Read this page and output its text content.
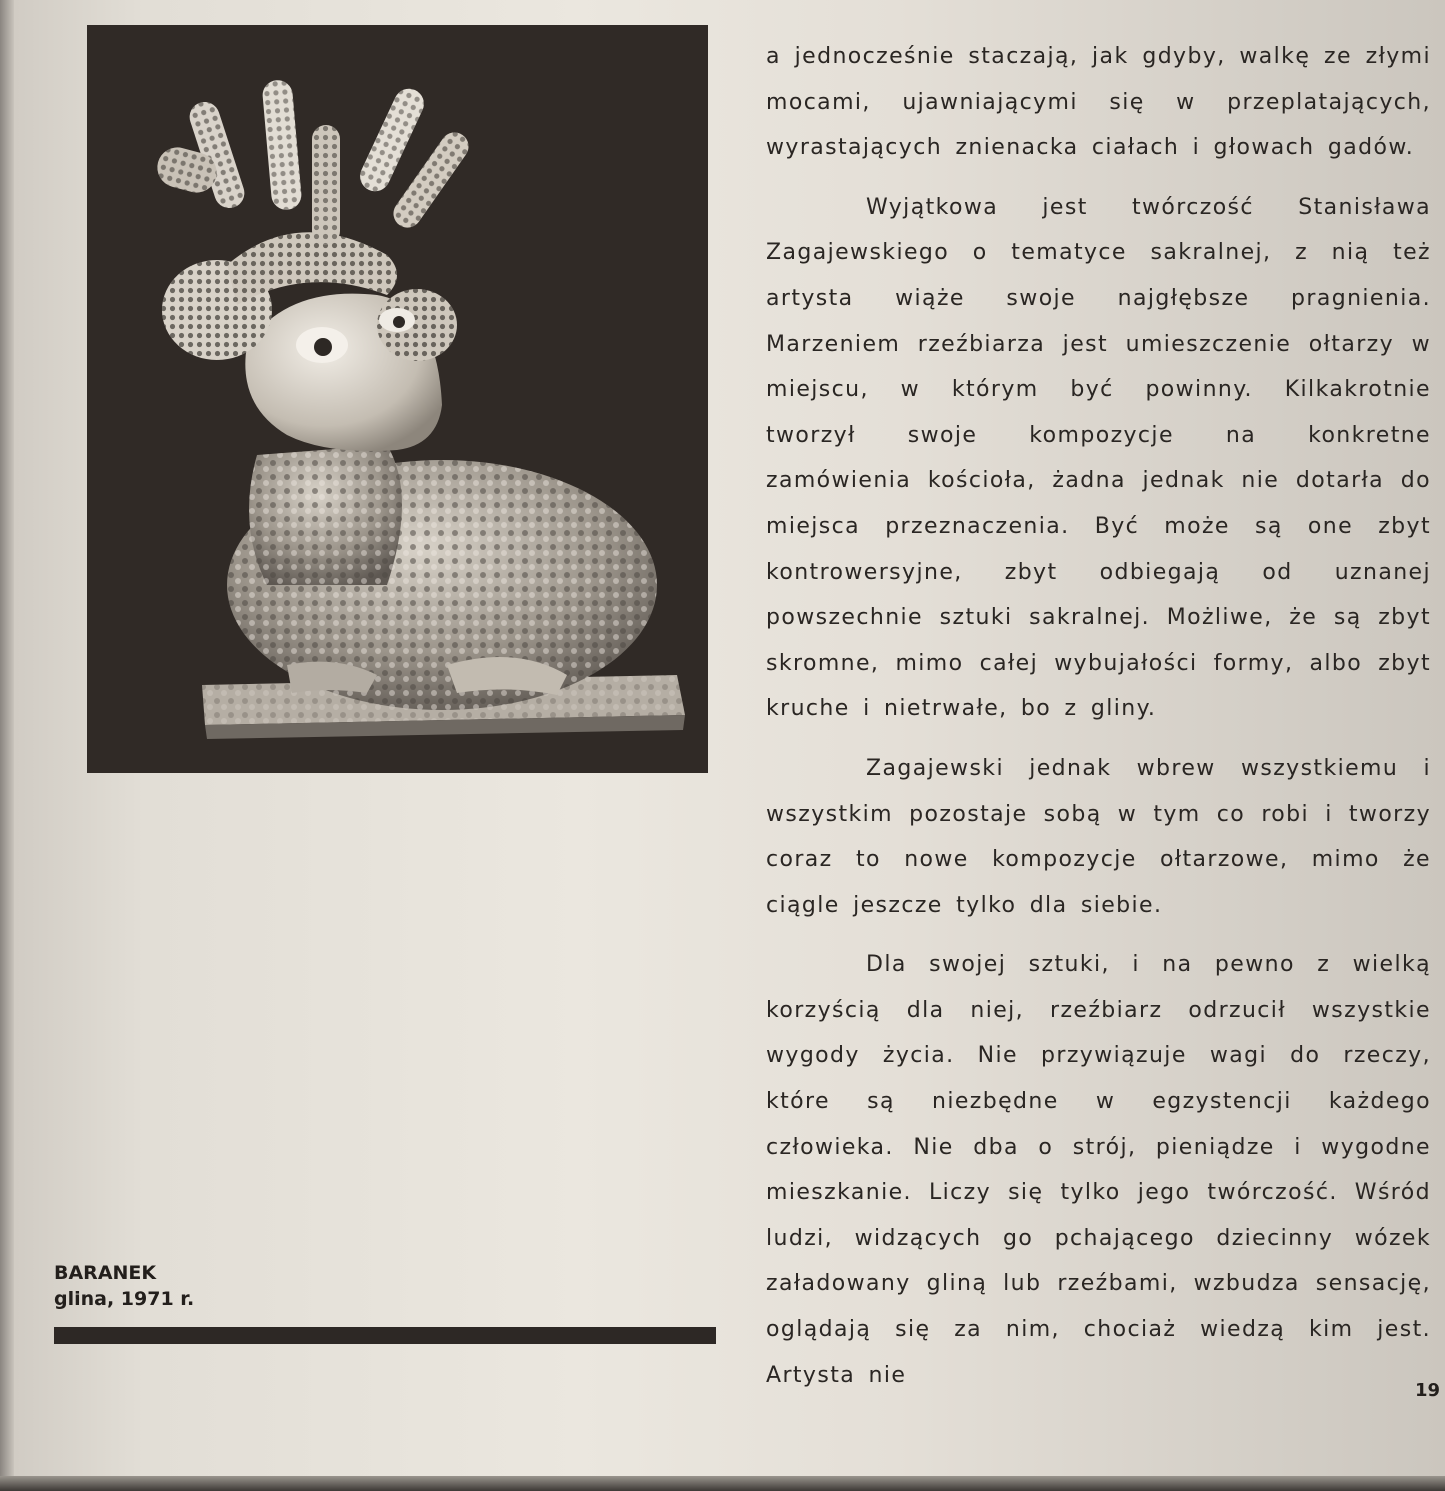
a jednocześnie staczają, jak gdyby, walkę ze złymi mocami, ujawniającymi się w przeplatających, wyrastających znienacka ciałach i głowach gadów.

Wyjątkowa jest twórczość Stanisława Zagajewskiego o tematyce sakralnej, z nią też artysta wiąże swoje najgłębsze pragnienia. Marzeniem rzeźbiarza jest umieszczenie ołtarzy w miejscu, w którym być powinny. Kilkakrotnie tworzył swoje kompozycje na konkretne zamówienia kościoła, żadna jednak nie dotarła do miejsca przeznaczenia. Być może są one zbyt kontrowersyjne, zbyt odbiegają od uznanej powszechnie sztuki sakralnej. Możliwe, że są zbyt skromne, mimo całej wybujałości formy, albo zbyt kruche i nietrwałe, bo z gliny.

Zagajewski jednak wbrew wszystkiemu i wszystkim pozostaje sobą w tym co robi i tworzy coraz to nowe kompozycje ołtarzowe, mimo że ciągle jeszcze tylko dla siebie.

Dla swojej sztuki, i na pewno z wielką korzyścią dla niej, rzeźbiarz odrzucił wszystkie wygody życia. Nie przywiązuje wagi do rzeczy, które są niezbędne w egzystencji każdego człowieka. Nie dba o strój, pieniądze i wygodne mieszkanie. Liczy się tylko jego twórczość. Wśród ludzi, widzących go pchającego dziecinny wózek załadowany gliną lub rzeźbami, wzbudza sensację, oglądają się za nim, chociaż wiedzą kim jest. Artysta nie

BARANEK
glina, 1971 r.
19
